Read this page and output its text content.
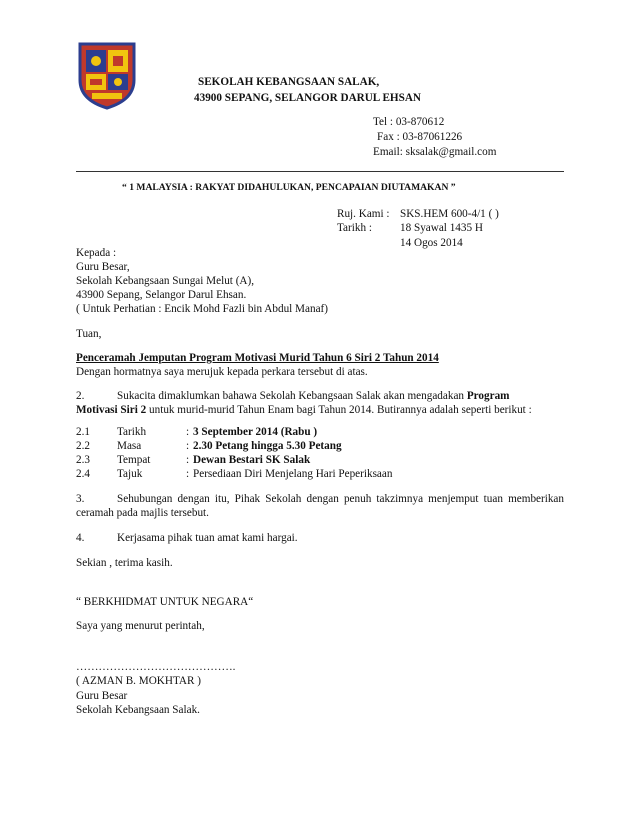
SEKOLAH KEBANGSAAN SALAK,
43900 SEPANG, SELANGOR DARUL EHSAN
Tel : 03-870612
Fax : 03-87061226
Email: sksalak@gmail.com
“ 1 MALAYSIA : RAKYAT DIDAHULUKAN, PENCAPAIAN DIUTAMAKAN ”
Ruj. Kami : SKS.HEM 600-4/1 ( )
Tarikh :	18 Syawal 1435 H
14 Ogos 2014
Kepada :
Guru Besar,
Sekolah Kebangsaan Sungai Melut (A),
43900 Sepang, Selangor Darul Ehsan.
( Untuk Perhatian : Encik Mohd Fazli bin Abdul Manaf)
Tuan,
Penceramah Jemputan Program Motivasi Murid Tahun 6 Siri 2 Tahun 2014
Dengan hormatnya saya merujuk kepada perkara tersebut di atas.
2.	Sukacita dimaklumkan bahawa Sekolah Kebangsaan Salak akan mengadakan Program
Motivasi Siri 2 untuk murid-murid Tahun Enam bagi Tahun 2014. Butirannya adalah seperti berikut :
2.1 Tarikh	: 3 September 2014 (Rabu )
2.2 Masa	: 2.30 Petang hingga 5.30 Petang
2.3 Tempat	: Dewan Bestari SK Salak
2.4 Tajuk	: Persediaan Diri Menjelang Hari Peperiksaan
3.	Sehubungan dengan itu, Pihak Sekolah dengan penuh takzimnya menjemput tuan memberikan
ceramah pada majlis tersebut.
4.	Kerjasama pihak tuan amat kami hargai.
Sekian , terima kasih.
“ BERKHIDMAT UNTUK NEGARA“
Saya yang menurut perintah,
…………………………………….
( AZMAN B. MOKHTAR )
Guru Besar
Sekolah Kebangsaan Salak.
